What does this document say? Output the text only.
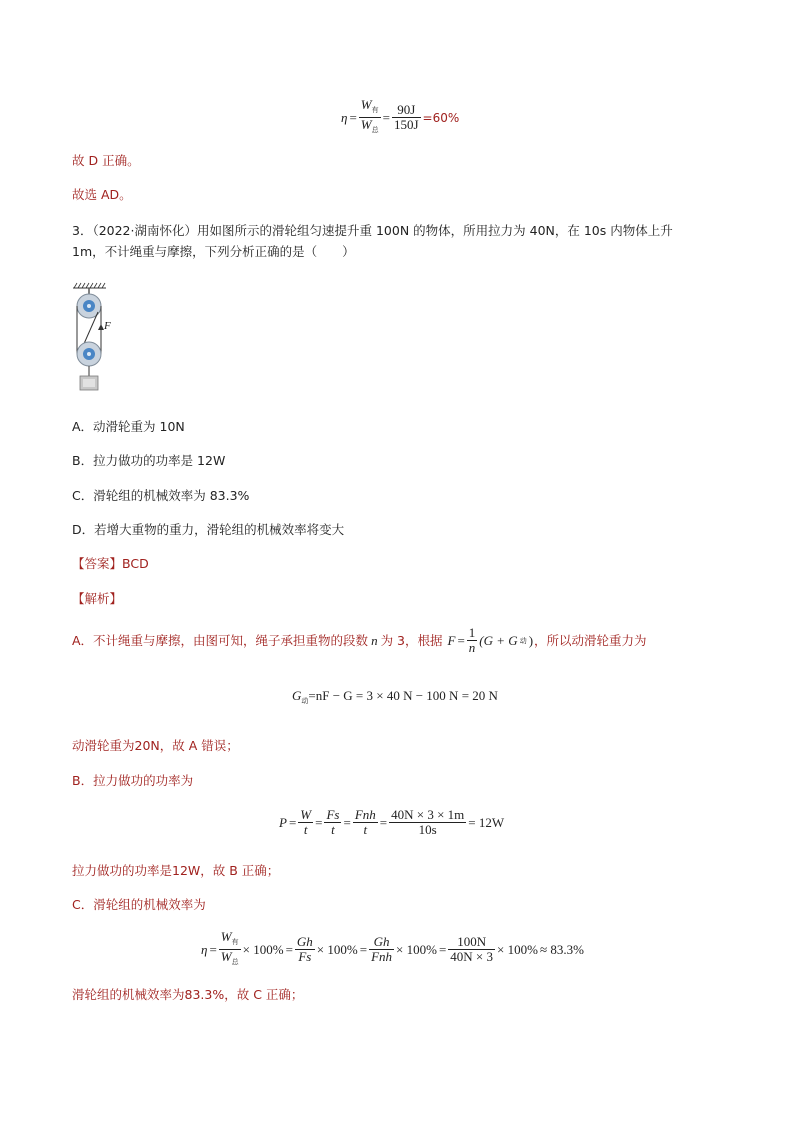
$\eta = \frac{W_有}{W_总} = \frac{90J}{150J} =60\%$
故 D 正确。
故选 AD。
3．（2022·湖南怀化）用如图所示的滑轮组匀速提升重 100N 的物体，所用拉力为 40N，在 10s 内物体上升
1m，不计绳重与摩擦，下列分析正确的是（　　）
F
A．动滑轮重为 10N
B．拉力做功的功率是 12W
C．滑轮组的机械效率为 83.3%
D．若增大重物的重力，滑轮组的机械效率将变大
【答案】BCD
【解析】
A．不计绳重与摩擦，由图可知，绳子承担重物的段数 n 为 3，根据 $F = \frac{1}{n} (G + G$ 动 ) ，所以动滑轮重力为
$G_动=nF - G = 3 \times 40$ N − 100 N = 20 N
动滑轮重为20N，故 A 错误；
B．拉力做功的功率为
$P = \frac{W}{t} = \frac{Fs}{t} = \frac{\text{Fnh}}{t} = \frac{40N \times 3 \times 1m}{10s} = 12W$
拉力做功的功率是12W，故 B 正确；
C．滑轮组的机械效率为
$\eta = \frac{W_有}{W_总} \times 100\% = \frac{Gh}{Fs} \times 100\% = \frac{Gh}{\text{Fnh}} \times 100\% = \frac{100N}{40N \times 3} \times 100\% \approx 83.3\%$
滑轮组的机械效率为83.3%，故 C 正确；
